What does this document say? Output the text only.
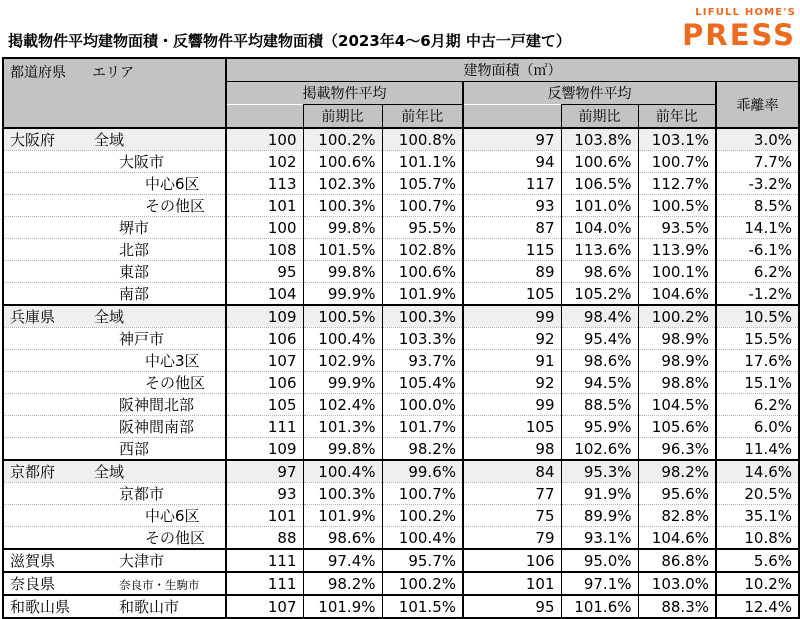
掲載物件平均建物面積・反響物件平均建物面積（2023年4～6月期 中古一戸建て）
LIFULL HOME'S
PRESS
都道府県 エリア	建物面積（㎡）						
	掲載物件平均			反響物件平均			乖離率
		前期比	前年比		前期比	前年比	
大阪府 全域	100	100.2%	100.8%	97	103.8%	103.1%	3.0%
大阪市	102	100.6%	101.1%	94	100.6%	100.7%	7.7%
中心6区	113	102.3%	105.7%	117	106.5%	112.7%	-3.2%
その他区	101	100.3%	100.7%	93	101.0%	100.5%	8.5%
堺市	100	99.8%	95.5%	87	104.0%	93.5%	14.1%
北部	108	101.5%	102.8%	115	113.6%	113.9%	-6.1%
東部	95	99.8%	100.6%	89	98.6%	100.1%	6.2%
南部	104	99.9%	101.9%	105	105.2%	104.6%	-1.2%
兵庫県 全域	109	100.5%	100.3%	99	98.4%	100.2%	10.5%
神戸市	106	100.4%	103.3%	92	95.4%	98.9%	15.5%
中心3区	107	102.9%	93.7%	91	98.6%	98.9%	17.6%
その他区	106	99.9%	105.4%	92	94.5%	98.8%	15.1%
阪神間北部	105	102.4%	100.0%	99	88.5%	104.5%	6.2%
阪神間南部	111	101.3%	101.7%	105	95.9%	105.6%	6.0%
西部	109	99.8%	98.2%	98	102.6%	96.3%	11.4%
京都府 全域	97	100.4%	99.6%	84	95.3%	98.2%	14.6%
京都市	93	100.3%	100.7%	77	91.9%	95.6%	20.5%
中心6区	101	101.9%	100.2%	75	89.9%	82.8%	35.1%
その他区	88	98.6%	100.4%	79	93.1%	104.6%	10.8%
滋賀県 大津市	111	97.4%	95.7%	106	95.0%	86.8%	5.6%
奈良県 奈良市・生駒市	111	98.2%	100.2%	101	97.1%	103.0%	10.2%
和歌山県 和歌山市	107	101.9%	101.5%	95	101.6%	88.3%	12.4%
